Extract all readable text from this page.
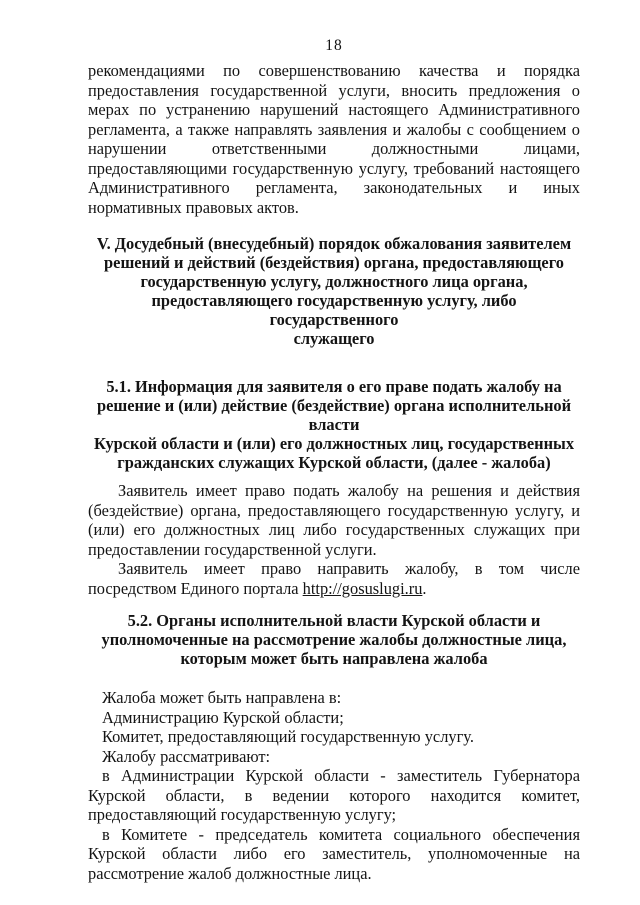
18

рекомендациями по совершенствованию качества и порядка предоставления государственной услуги, вносить предложения о мерах по устранению нарушений настоящего Административного регламента, а также направлять заявления и жалобы с сообщением о нарушении ответственными должностными лицами, предоставляющими государственную услугу, требований настоящего Административного регламента, законодательных и иных нормативных правовых актов.

V. Досудебный (внесудебный) порядок обжалования заявителем
решений и действий (бездействия) органа, предоставляющего
государственную услугу, должностного лица органа,
предоставляющего государственную услугу, либо государственного
служащего
5.1. Информация для заявителя о его праве подать жалобу на
решение и (или) действие (бездействие) органа исполнительной власти
Курской области и (или) его должностных лиц, государственных
гражданских служащих Курской области, (далее - жалоба)

Заявитель имеет право подать жалобу на решения и действия (бездействие) органа, предоставляющего государственную услугу, и (или) его должностных лиц либо государственных служащих при предоставлении государственной услуги.

Заявитель имеет право направить жалобу, в том числе посредством Единого портала http://gosuslugi.ru.

5.2. Органы исполнительной власти Курской области и
уполномоченные на рассмотрение жалобы должностные лица,
которым может быть направлена жалоба

Жалоба может быть направлена в:

Администрацию Курской области;

Комитет, предоставляющий государственную услугу.

Жалобу рассматривают:

в Администрации Курской области - заместитель Губернатора Курской области, в ведении которого находится комитет, предоставляющий государственную услугу;

в Комитете - председатель комитета социального обеспечения Курской области либо его заместитель, уполномоченные на рассмотрение жалоб должностные лица.
